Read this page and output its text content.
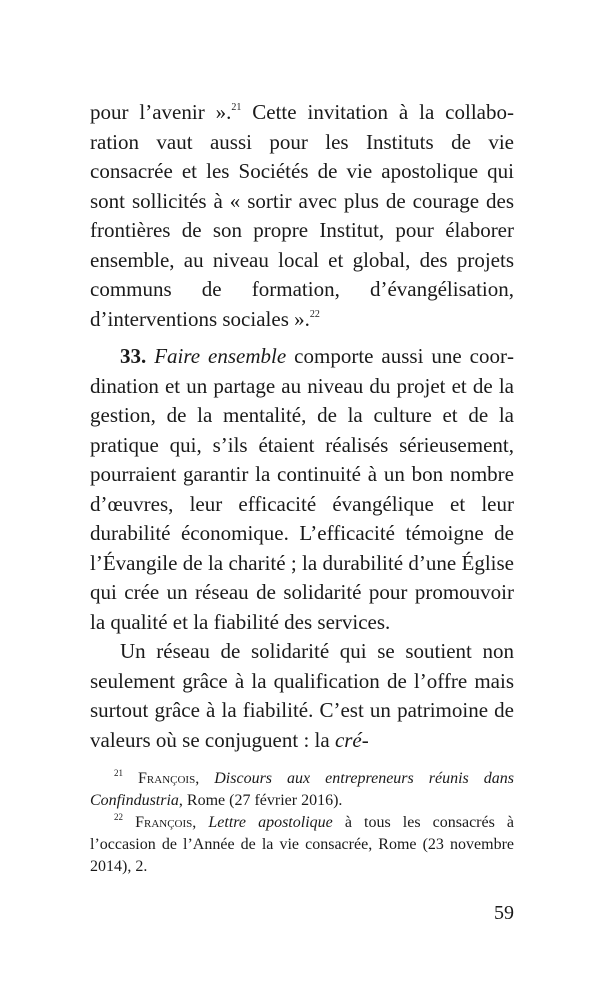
pour l’avenir ».$^{21}$ Cette invitation à la collaboration vaut aussi pour les Instituts de vie consacrée et les Sociétés de vie apostolique qui sont sollicités à « sortir avec plus de courage des frontières de son propre Institut, pour élaborer ensemble, au niveau local et global, des projets communs de formation, d’évangélisation, d’interventions sociales ».$^{22}$

33. Faire ensemble comporte aussi une coordination et un partage au niveau du projet et de la gestion, de la mentalité, de la culture et de la pratique qui, s’ils étaient réalisés sérieusement, pourraient garantir la continuité à un bon nombre d’œuvres, leur efficacité évangélique et leur durabilité économique. L’efficacité témoigne de l’Évangile de la charité ; la durabilité d’une Église qui crée un réseau de solidarité pour promouvoir la qualité et la fiabilité des services.

Un réseau de solidarité qui se soutient non seulement grâce à la qualification de l’offre mais surtout grâce à la fiabilité. C’est un patrimoine de valeurs où se conjuguent : la cré-

$^{21}$ François, Discours aux entrepreneurs réunis dans Confindustria, Rome (27 février 2016).

$^{22}$ François, Lettre apostolique à tous les consacrés à l’occasion de l’Année de la vie consacrée, Rome (23 novembre 2014), 2.

59
